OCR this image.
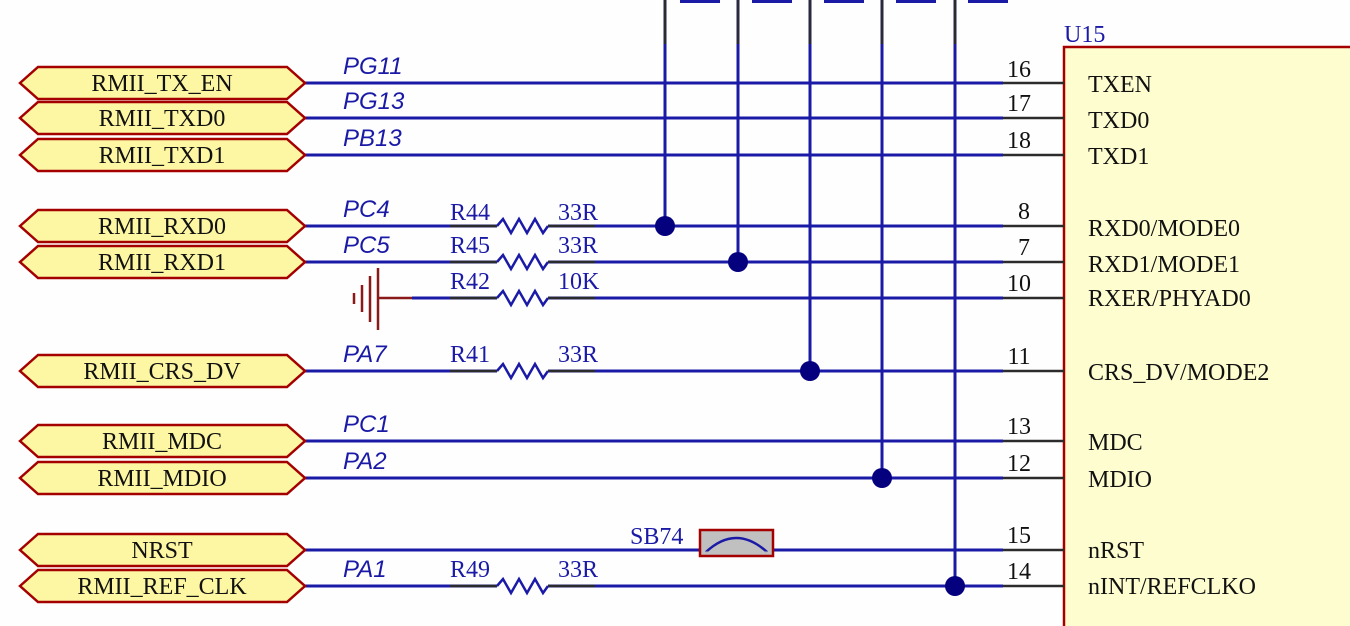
U15
16
17
18
8
7
10
11
13
12
15
14
TXEN
TXD0
TXD1
RXD0/MODE0
RXD1/MODE1
RXER/PHYAD0
CRS_DV/MODE2
MDC
MDIO
nRST
nINT/REFCLKO
RMII_TX_EN
RMII_TXD0
RMII_TXD1
RMII_RXD0
RMII_RXD1
RMII_CRS_DV
RMII_MDC
RMII_MDIO
NRST
RMII_REF_CLK
PG11
PG13
PB13
PC4
PC5
PA7
PC1
PA2
PA1
R44	33R
R45	33R
R42	10K
R41	33R
R49	33R
SB74
